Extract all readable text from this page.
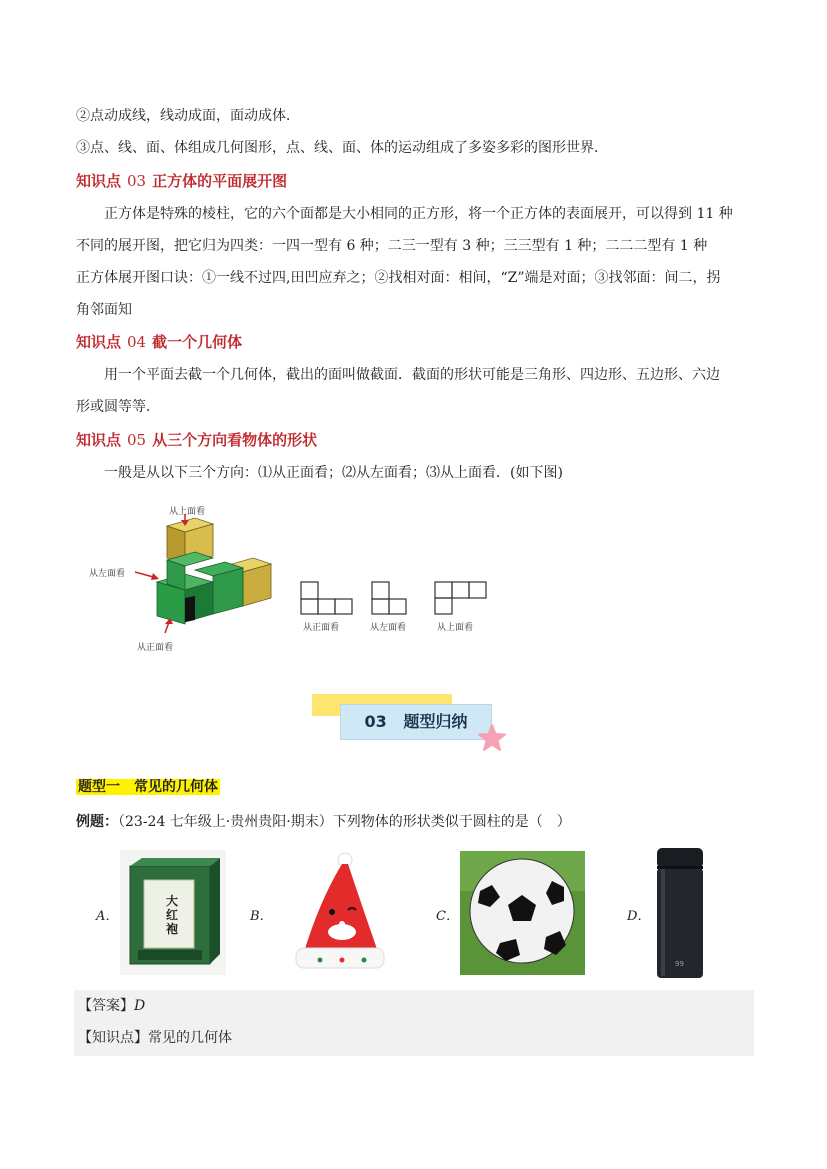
②点动成线，线动成面，面动成体．
③点、线、面、体组成几何图形，点、线、面、体的运动组成了多姿多彩的图形世界．
知识点 03 正方体的平面展开图
正方体是特殊的棱柱，它的六个面都是大小相同的正方形，将一个正方体的表面展开，可以得到 11 种
不同的展开图，把它归为四类：一四一型有 6 种；二三一型有 3 种；三三型有 1 种；二二二型有 1 种
正方体展开图口诀：①一线不过四,田凹应弃之；②找相对面：相间，“Z”端是对面；③找邻面：间二，拐
角邻面知
知识点 04 截一个几何体
用一个平面去截一个几何体，截出的面叫做截面．截面的形状可能是三角形、四边形、五边形、六边
形或圆等等．
知识点 05 从三个方向看物体的形状
一般是从以下三个方向：⑴从正面看；⑵从左面看；⑶从上面看．(如下图)
从上面看
从左面看
从正面看
从正面看	从左面看	从上面看
03 题型归纳
题型一　常见的几何体
例题：（23-24 七年级上·贵州贵阳·期末）下列物体的形状类似于圆柱的是（　）
A．
大红袍
B．	C．	D．
99
【答案】D
【知识点】常见的几何体
